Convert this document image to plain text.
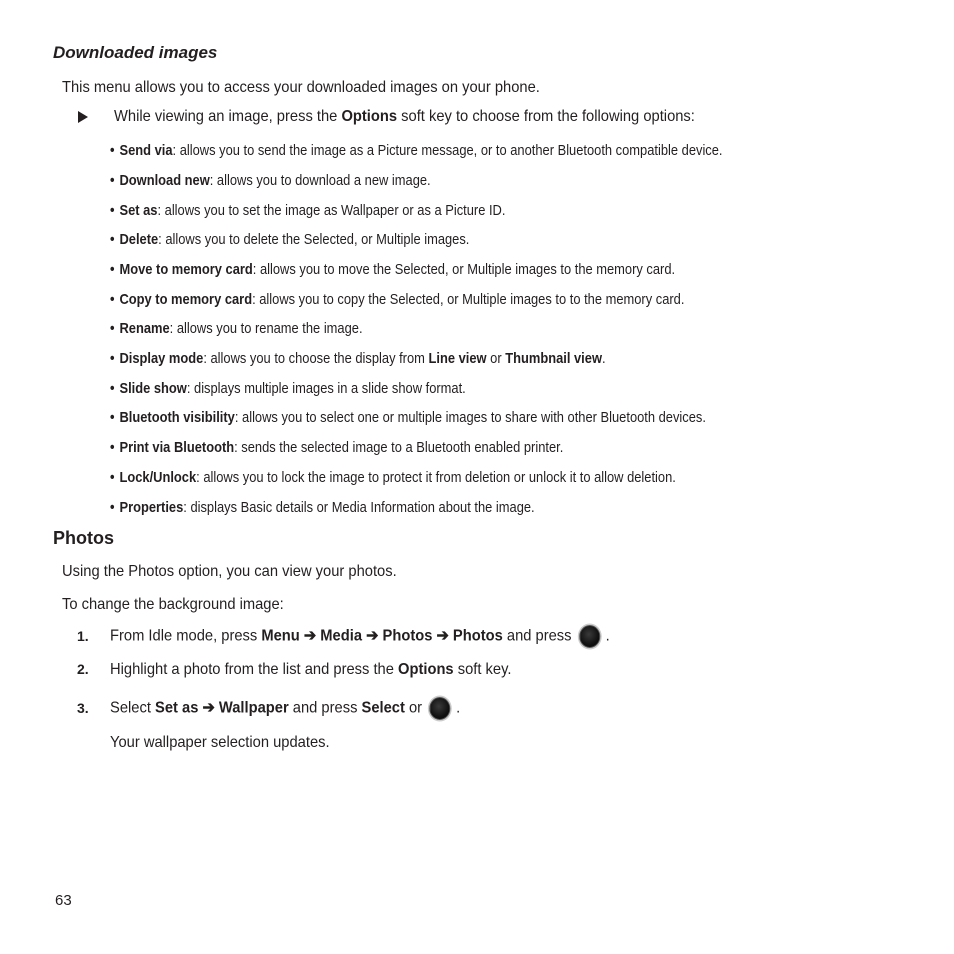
Downloaded images
This menu allows you to access your downloaded images on your phone.
While viewing an image, press the Options soft key to choose from the following options:
• Send via: allows you to send the image as a Picture message, or to another Bluetooth compatible device.
• Download new: allows you to download a new image.
• Set as: allows you to set the image as Wallpaper or as a Picture ID.
• Delete: allows you to delete the Selected, or Multiple images.
• Move to memory card: allows you to move the Selected, or Multiple images to the memory card.
• Copy to memory card: allows you to copy the Selected, or Multiple images to to the memory card.
• Rename: allows you to rename the image.
• Display mode: allows you to choose the display from Line view or Thumbnail view.
• Slide show: displays multiple images in a slide show format.
• Bluetooth visibility: allows you to select one or multiple images to share with other Bluetooth devices.
• Print via Bluetooth: sends the selected image to a Bluetooth enabled printer.
• Lock/Unlock: allows you to lock the image to protect it from deletion or unlock it to allow deletion.
• Properties: displays Basic details or Media Information about the image.
Photos
Using the Photos option, you can view your photos.
To change the background image:
1. From Idle mode, press Menu ➔ Media ➔ Photos ➔ Photos and press .
2. Highlight a photo from the list and press the Options soft key.
3. Select Set as ➔ Wallpaper and press Select or .
Your wallpaper selection updates.
63
